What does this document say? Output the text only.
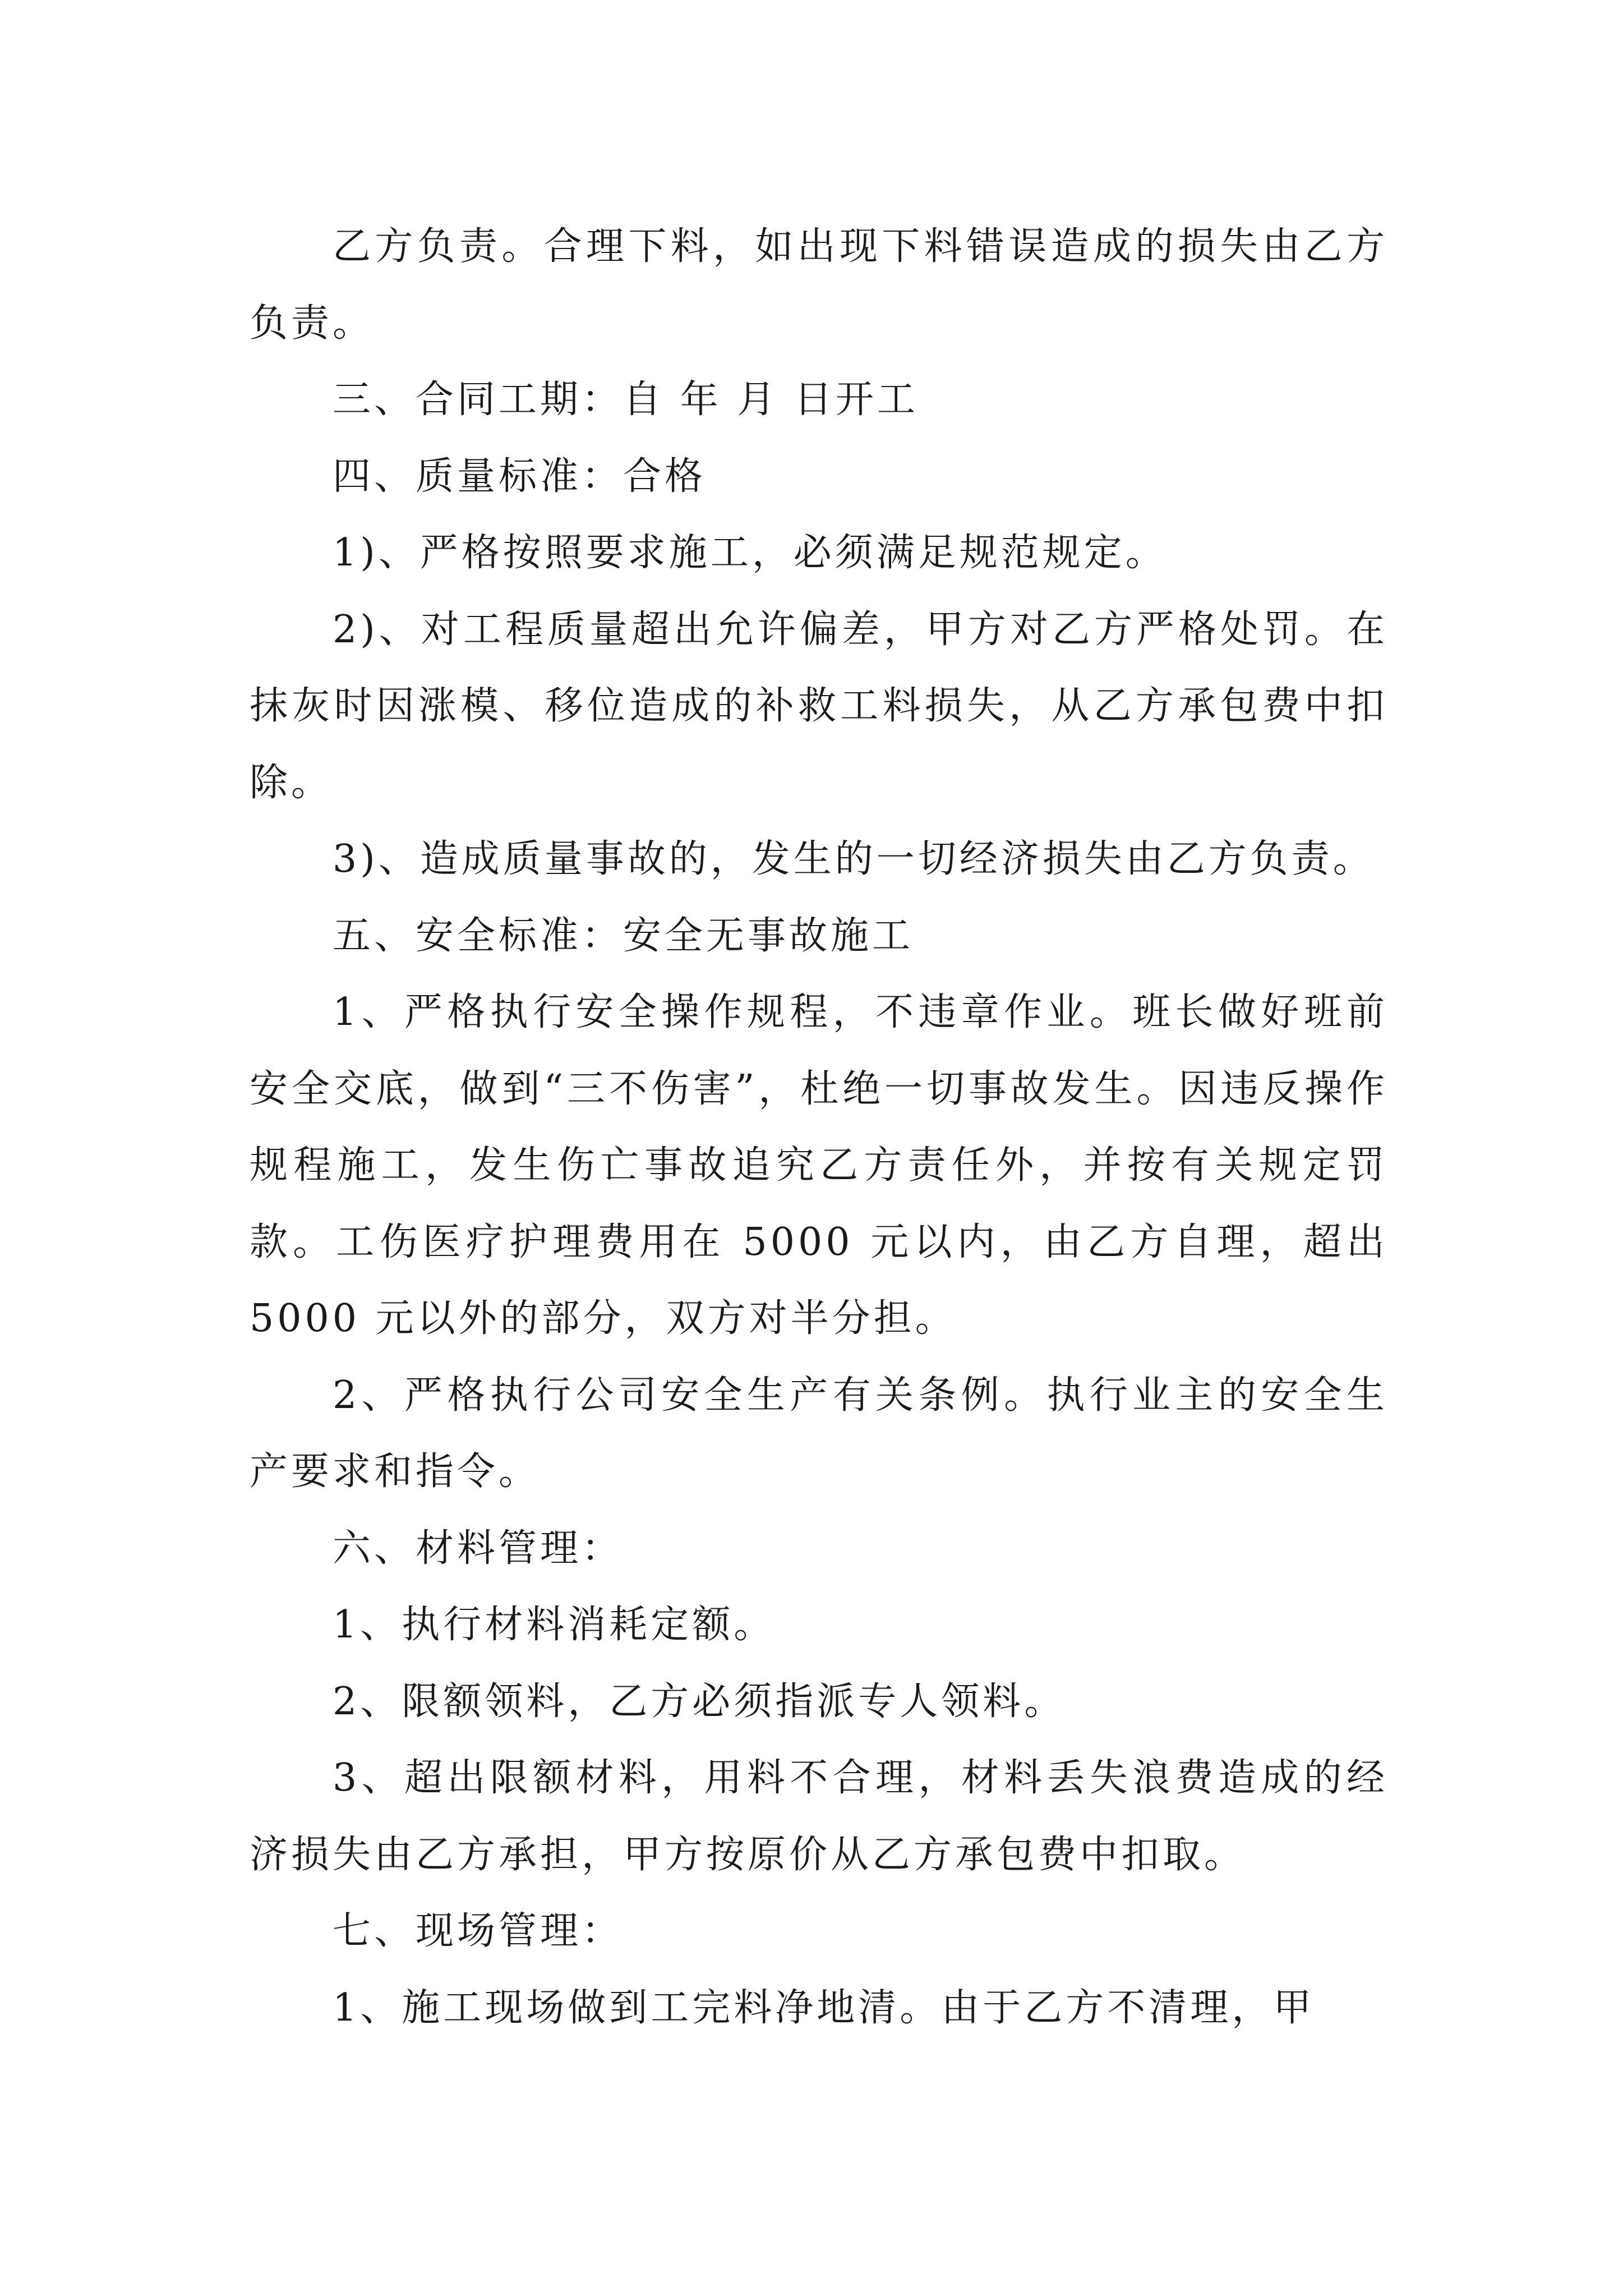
乙方负责。合理下料，如出现下料错误造成的损失由乙方负责。

三、合同工期：自 年 月 日开工

四、质量标准：合格

1)、严格按照要求施工，必须满足规范规定。

2)、对工程质量超出允许偏差，甲方对乙方严格处罚。在抹灰时因涨模、移位造成的补救工料损失，从乙方承包费中扣除。

3)、造成质量事故的，发生的一切经济损失由乙方负责。

五、安全标准：安全无事故施工

1、严格执行安全操作规程，不违章作业。班长做好班前安全交底，做到“三不伤害”，杜绝一切事故发生。因违反操作规程施工，发生伤亡事故追究乙方责任外，并按有关规定罚款。工伤医疗护理费用在 5000 元以内，由乙方自理，超出 5000 元以外的部分，双方对半分担。

2、严格执行公司安全生产有关条例。执行业主的安全生产要求和指令。

六、材料管理：

1、执行材料消耗定额。

2、限额领料，乙方必须指派专人领料。

3、超出限额材料，用料不合理，材料丢失浪费造成的经济损失由乙方承担，甲方按原价从乙方承包费中扣取。

七、现场管理：

1、施工现场做到工完料净地清。由于乙方不清理，甲
